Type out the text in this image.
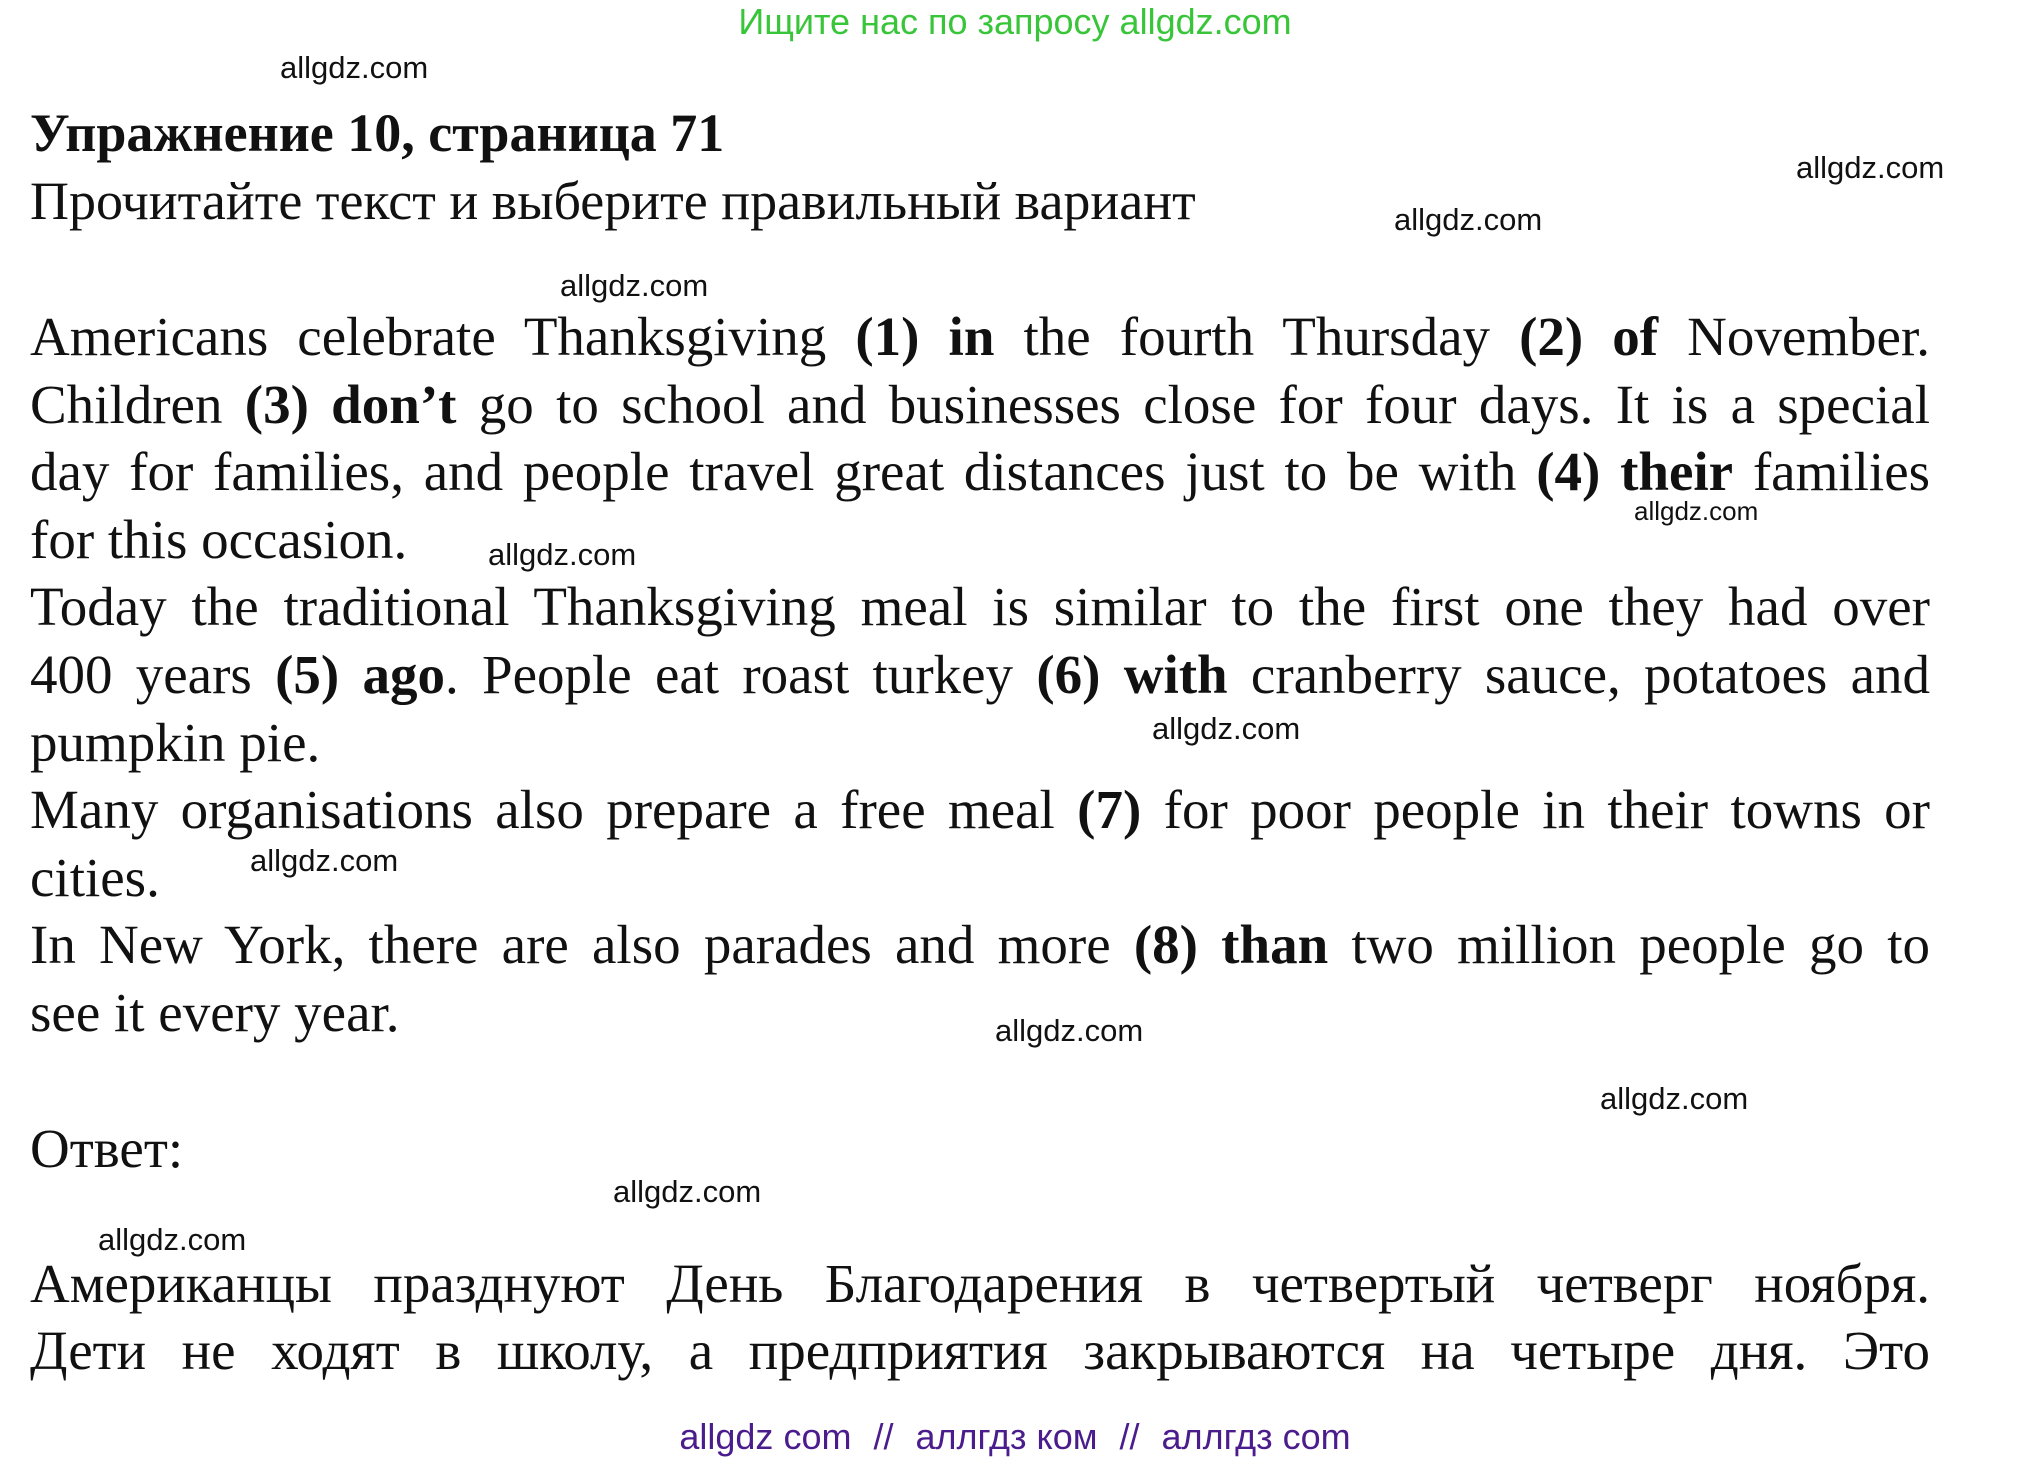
Ищите нас по запросу allgdz.com
allgdz.com
allgdz.com
allgdz.com
allgdz.com
allgdz.com
allgdz.com
allgdz.com
allgdz.com
allgdz.com
allgdz.com
allgdz.com
allgdz.com
Упражнение 10, страница 71
Прочитайте текст и выберите правильный вариант
Americans celebrate Thanksgiving (1) in the fourth Thursday (2) of November.
Children (3) don’t go to school and businesses close for four days. It is a special
day for families, and people travel great distances just to be with (4) their families
for this occasion.
Today the traditional Thanksgiving meal is similar to the first one they had over
400 years (5) ago. People eat roast turkey (6) with cranberry sauce, potatoes and
pumpkin pie.
Many organisations also prepare a free meal (7) for poor people in their towns or
cities.
In New York, there are also parades and more (8) than two million people go to
see it every year.
Ответ:
Американцы празднуют День Благодарения в четвертый четверг ноября.
Дети не ходят в школу, а предприятия закрываются на четыре дня. Это
allgdz com // аллгдз ком // аллгдз com
